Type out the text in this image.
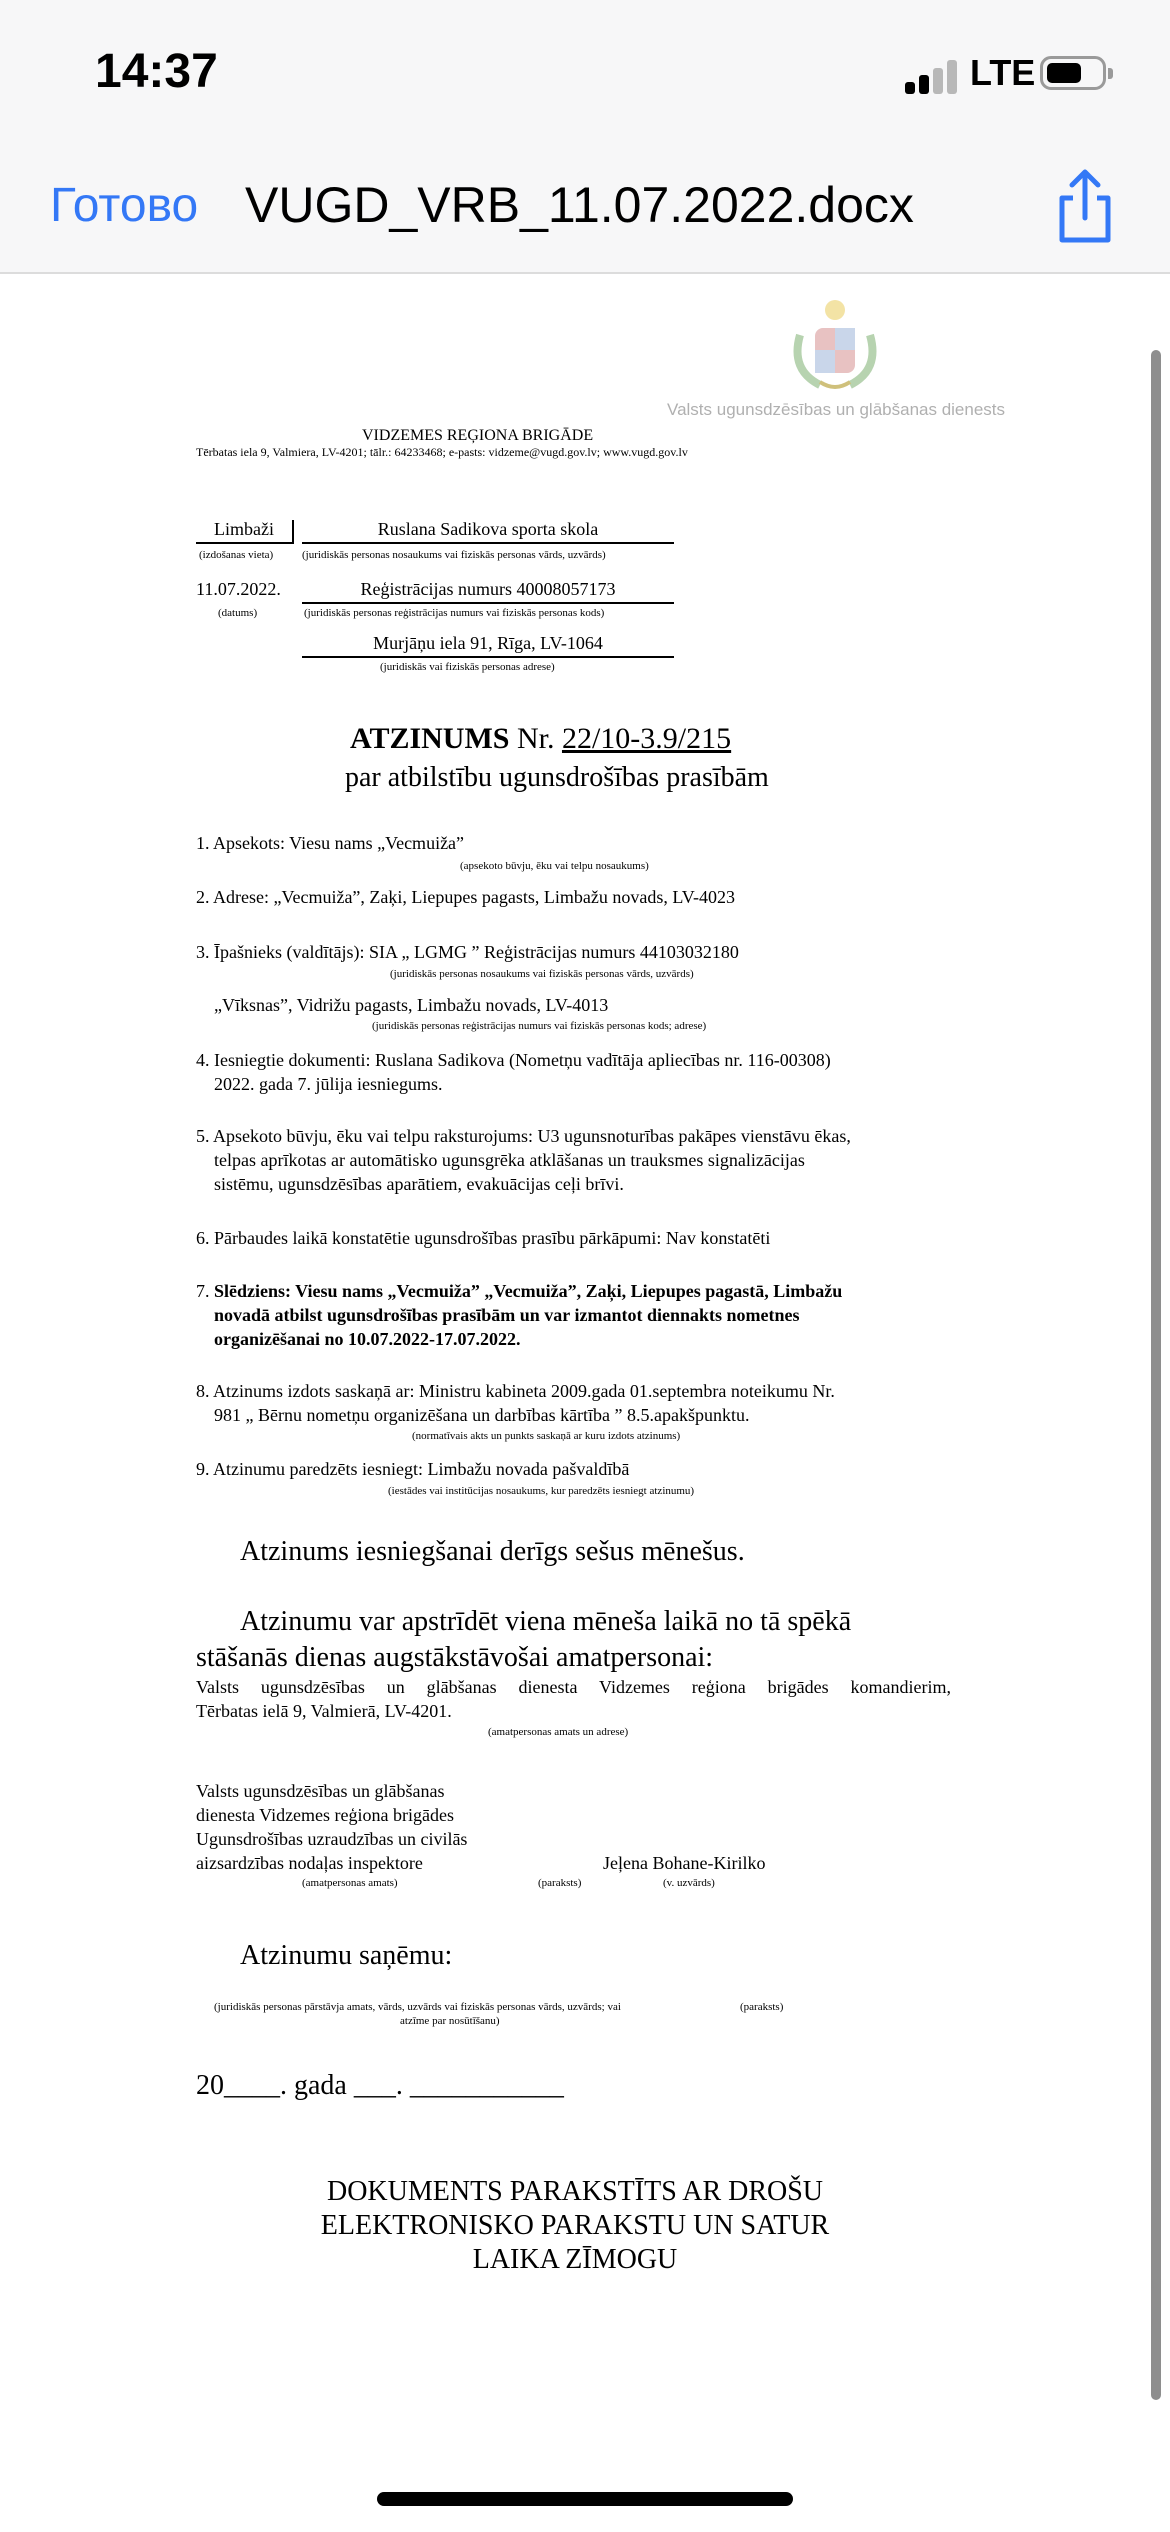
14:37	LTE
Готово VUGD_VRB_11.07.2022.docx
Valsts ugunsdzēsības un glābšanas dienests
VIDZEMES REĢIONA BRIGĀDE
Tērbatas iela 9, Valmiera, LV-4201; tālr.: 64233468; e-pasts: vidzeme@vugd.gov.lv; www.vugd.gov.lv
Limbaži
(izdošanas vieta)
Ruslana Sadikova sporta skola
(juridiskās personas nosaukums vai fiziskās personas vārds, uzvārds)
11.07.2022.
(datums)
Reģistrācijas numurs 40008057173
(juridiskās personas reģistrācijas numurs vai fiziskās personas kods)
Murjāņu iela 91, Rīga, LV-1064
(juridiskās vai fiziskās personas adrese)
ATZINUMS Nr. 22/10-3.9/215
par atbilstību ugunsdrošības prasībām
1. Apsekots: Viesu nams „Vecmuiža”
(apsekoto būvju, ēku vai telpu nosaukums)
2. Adrese: „Vecmuiža”, Zaķi, Liepupes pagasts, Limbažu novads, LV-4023
3. Īpašnieks (valdītājs): SIA „ LGMG ” Reģistrācijas numurs 44103032180
(juridiskās personas nosaukums vai fiziskās personas vārds, uzvārds)
„Vīksnas”, Vidrižu pagasts, Limbažu novads, LV-4013
(juridiskās personas reģistrācijas numurs vai fiziskās personas kods; adrese)
4. Iesniegtie dokumenti: Ruslana Sadikova (Nometņu vadītāja apliecības nr. 116-00308)
2022. gada 7. jūlija iesniegums.
5. Apsekoto būvju, ēku vai telpu raksturojums: U3 ugunsnoturības pakāpes vienstāvu ēkas,
telpas aprīkotas ar automātisko ugunsgrēka atklāšanas un trauksmes signalizācijas
sistēmu, ugunsdzēsības aparātiem, evakuācijas ceļi brīvi.
6. Pārbaudes laikā konstatētie ugunsdrošības prasību pārkāpumi: Nav konstatēti
7. Slēdziens: Viesu nams „Vecmuiža” „Vecmuiža”, Zaķi, Liepupes pagastā, Limbažu
novadā atbilst ugunsdrošības prasībām un var izmantot diennakts nometnes
organizēšanai no 10.07.2022-17.07.2022.
8. Atzinums izdots saskaņā ar: Ministru kabineta 2009.gada 01.septembra noteikumu Nr.
981 „ Bērnu nometņu organizēšana un darbības kārtība ” 8.5.apakšpunktu.
(normatīvais akts un punkts saskaņā ar kuru izdots atzinums)
9. Atzinumu paredzēts iesniegt: Limbažu novada pašvaldībā
(iestādes vai institūcijas nosaukums, kur paredzēts iesniegt atzinumu)
Atzinums iesniegšanai derīgs sešus mēnešus.
Atzinumu var apstrīdēt viena mēneša laikā no tā spēkā
stāšanās dienas augstākstāvošai amatpersonai:
Valsts ugunsdzēsības un glābšanas dienesta Vidzemes reģiona brigādes komandierim,
Tērbatas ielā 9, Valmierā, LV-4201.
(amatpersonas amats un adrese)
Valsts ugunsdzēsības un glābšanas
dienesta Vidzemes reģiona brigādes
Ugunsdrošības uzraudzības un civilās
aizsardzības nodaļas inspektore	Jeļena Bohane-Kirilko
(amatpersonas amats)	(paraksts)	(v. uzvārds)
Atzinumu saņēmu:
(juridiskās personas pārstāvja amats, vārds, uzvārds vai fiziskās personas vārds, uzvārds; vai
atzīme par nosūtīšanu)
(paraksts)
20____. gada ___. ___________
DOKUMENTS PARAKSTĪTS AR DROŠU
ELEKTRONISKO PARAKSTU UN SATUR
LAIKA ZĪMOGU
